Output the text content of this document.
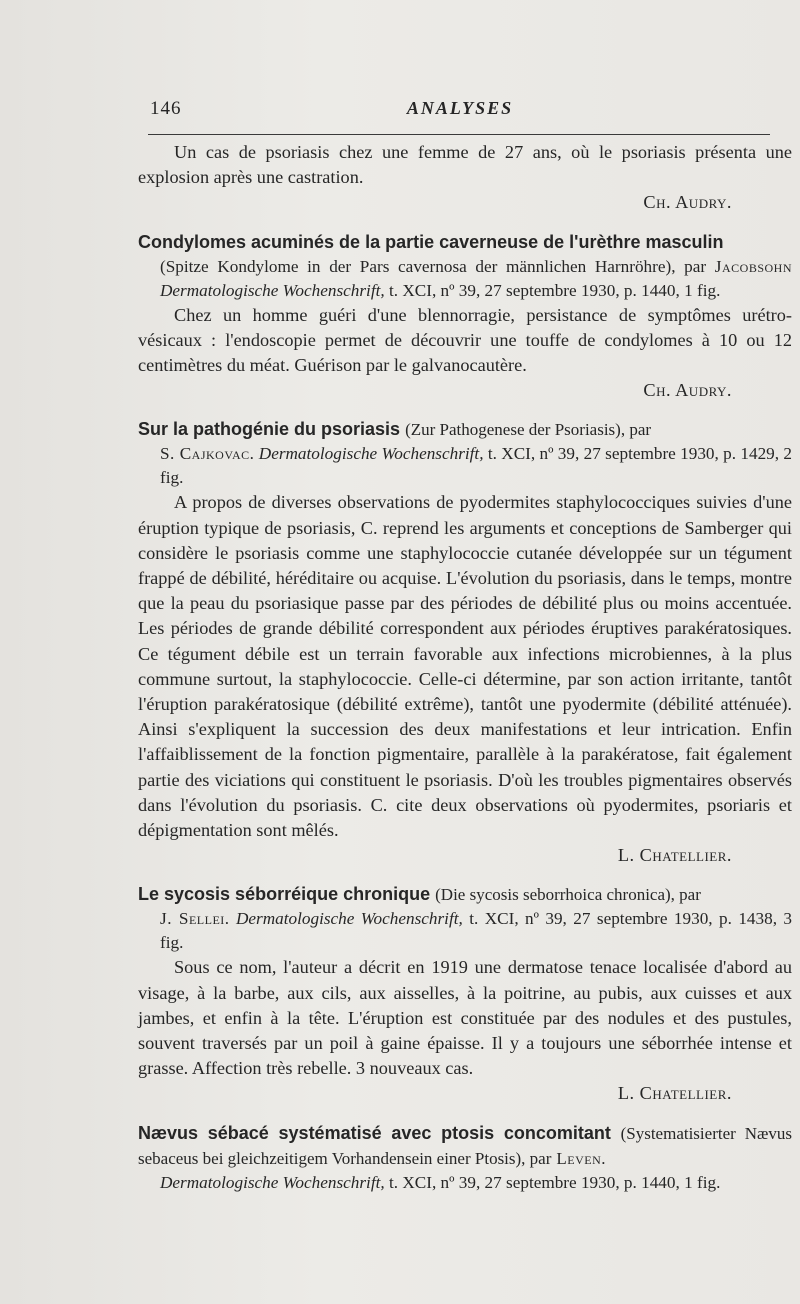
146	ANALYSES

Un cas de psoriasis chez une femme de 27 ans, où le psoriasis présenta une explosion après une castration.

Ch. Audry.
Condylomes acuminés de la partie caverneuse de l'urèthre masculin
(Spitze Kondylome in der Pars cavernosa der männlichen Harnröhre), par Jacobsohn Dermatologische Wochenschrift, t. XCI, nº 39, 27 septembre 1930, p. 1440, 1 fig.

Chez un homme guéri d'une blennorragie, persistance de symptômes urétro-vésicaux : l'endoscopie permet de découvrir une touffe de condylomes à 10 ou 12 centimètres du méat. Guérison par le galvanocautère.

Ch. Audry.
Sur la pathogénie du psoriasis (Zur Pathogenese der Psoriasis), par
S. Cajkovac. Dermatologische Wochenschrift, t. XCI, nº 39, 27 septembre 1930, p. 1429, 2 fig.

A propos de diverses observations de pyodermites staphylococciques suivies d'une éruption typique de psoriasis, C. reprend les arguments et conceptions de Samberger qui considère le psoriasis comme une staphylococcie cutanée développée sur un tégument frappé de débilité, héréditaire ou acquise. L'évolution du psoriasis, dans le temps, montre que la peau du psoriasique passe par des périodes de débilité plus ou moins accentuée. Les périodes de grande débilité correspondent aux périodes éruptives parakératosiques. Ce tégument débile est un terrain favorable aux infections microbiennes, à la plus commune surtout, la staphylococcie. Celle-ci détermine, par son action irritante, tantôt l'éruption parakératosique (débilité extrême), tantôt une pyodermite (débilité atténuée). Ainsi s'expliquent la succession des deux manifestations et leur intrication. Enfin l'affaiblissement de la fonction pigmentaire, parallèle à la parakératose, fait également partie des viciations qui constituent le psoriasis. D'où les troubles pigmentaires observés dans l'évolution du psoriasis. C. cite deux observations où pyodermites, psoriaris et dépigmentation sont mêlés.

L. Chatellier.
Le sycosis séborréique chronique (Die sycosis seborrhoica chronica), par
J. Sellei. Dermatologische Wochenschrift, t. XCI, nº 39, 27 septembre 1930, p. 1438, 3 fig.

Sous ce nom, l'auteur a décrit en 1919 une dermatose tenace localisée d'abord au visage, à la barbe, aux cils, aux aisselles, à la poitrine, au pubis, aux cuisses et aux jambes, et enfin à la tête. L'éruption est constituée par des nodules et des pustules, souvent traversés par un poil à gaine épaisse. Il y a toujours une séborrhée intense et grasse. Affection très rebelle. 3 nouveaux cas.

L. Chatellier.
Nævus sébacé systématisé avec ptosis concomitant (Systematisierter Nævus sebaceus bei gleichzeitigem Vorhandensein einer Ptosis), par Leven.
Dermatologische Wochenschrift, t. XCI, nº 39, 27 septembre 1930, p. 1440, 1 fig.
